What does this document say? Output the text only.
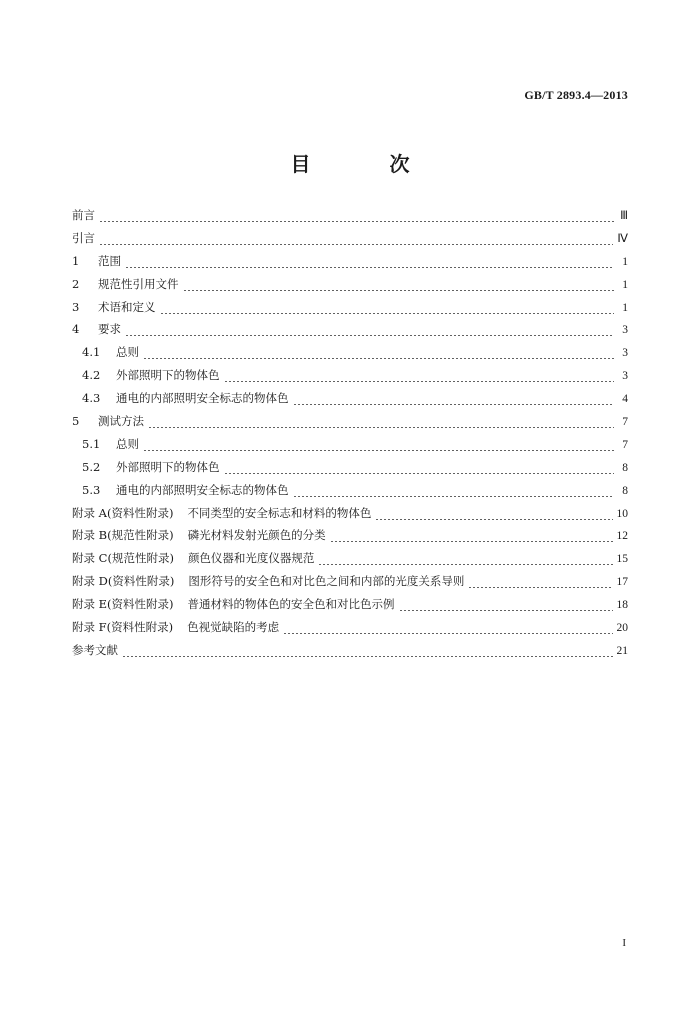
GB/T 2893.4—2013
目 次
前言	Ⅲ
引言	Ⅳ
1	范围	1
2	规范性引用文件	1
3	术语和定义	1
4	要求	3
4.1	总则	3
4.2	外部照明下的物体色	3
4.3	通电的内部照明安全标志的物体色	4
5	测试方法	7
5.1	总则	7
5.2	外部照明下的物体色	8
5.3	通电的内部照明安全标志的物体色	8
附录 A(资料性附录)	不同类型的安全标志和材料的物体色	10
附录 B(规范性附录)	磷光材料发射光颜色的分类	12
附录 C(规范性附录)	颜色仪器和光度仪器规范	15
附录 D(资料性附录)	图形符号的安全色和对比色之间和内部的光度关系导则	17
附录 E(资料性附录)	普通材料的物体色的安全色和对比色示例	18
附录 F(资料性附录)	色视觉缺陷的考虑	20
参考文献	21
I
